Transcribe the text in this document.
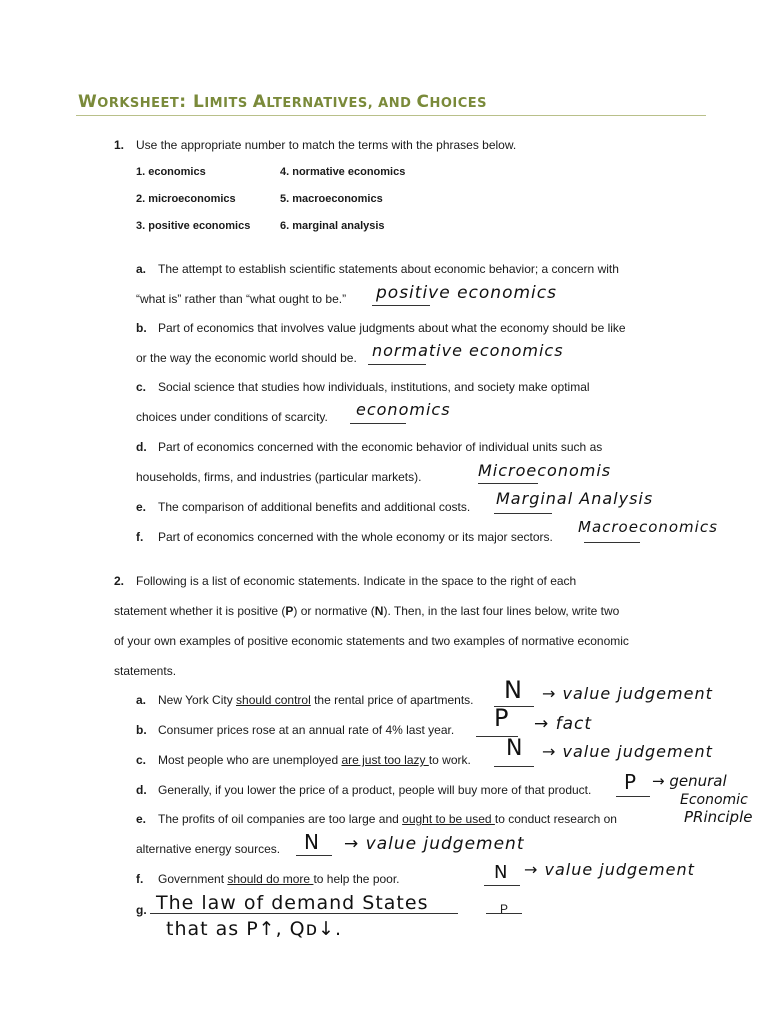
WORKSHEET: LIMITS ALTERNATIVES, AND CHOICES
1. Use the appropriate number to match the terms with the phrases below.
1. economics
2. microeconomics
3. positive economics
4. normative economics
5. macroeconomics
6. marginal analysis
a. The attempt to establish scientific statements about economic behavior; a concern with
“what is” rather than “what ought to be.” positive economics
b. Part of economics that involves value judgments about what the economy should be like
or the way the economic world should be. normative economics
c. Social science that studies how individuals, institutions, and society make optimal
choices under conditions of scarcity. economics
d. Part of economics concerned with the economic behavior of individual units such as
households, firms, and industries (particular markets).	Microeconomis
e. The comparison of additional benefits and additional costs. Marginal Analysis
f. Part of economics concerned with the whole economy or its major sectors.
Macroeconomics
2. Following is a list of economic statements. Indicate in the space to the right of each
statement whether it is positive (P) or normative (N). Then, in the last four lines below, write two
of your own examples of positive economic statements and two examples of normative economic
statements.
a. New York City should control the rental price of apartments. N → value judgement
b. Consumer prices rose at an annual rate of 4% last year. P → fact
c. Most people who are unemployed are just too lazy to work. N → value judgement
d. Generally, if you lower the price of a product, people will buy more of that product. P → genural
Economic
PRinciple
e. The profits of oil companies are too large and ought to be used to conduct research on
alternative energy sources. N → value judgement
f. Government should do more to help the poor.	N → value judgement
g. The law of demand States
that as P↑, Qᴅ↓.
P
